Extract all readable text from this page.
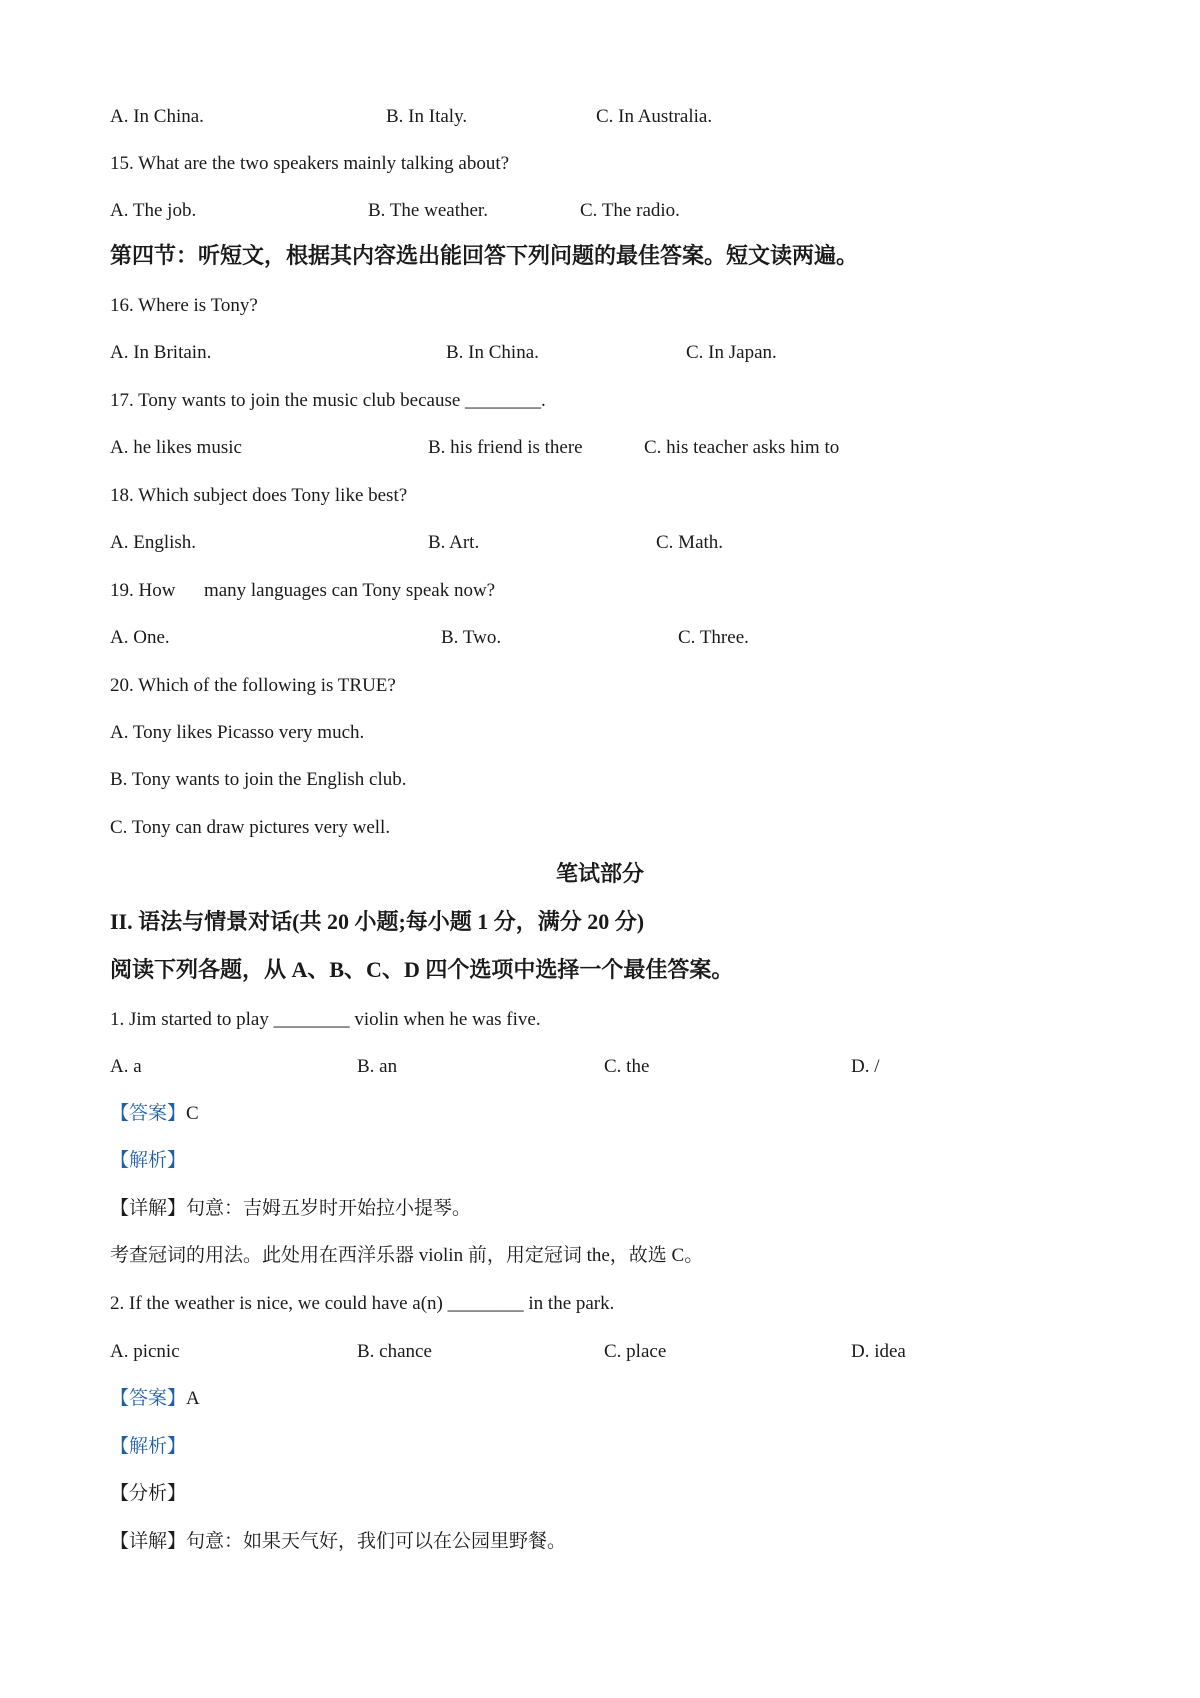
A. In China.	B. In Italy.	C. In Australia.
15. What are the two speakers mainly talking about?
A. The job.	B. The weather.	C. The radio.
第四节：听短文，根据其内容选出能回答下列问题的最佳答案。短文读两遍。
16. Where is Tony?
A. In Britain.	B. In China.	C. In Japan.
17. Tony wants to join the music club because ________.
A. he likes music	B. his friend is there	C. his teacher asks him to
18. Which subject does Tony like best?
A. English.	B. Art.	C. Math.
19. How      many languages can Tony speak now?
A. One.	B. Two.	C. Three.
20. Which of the following is TRUE?
A. Tony likes Picasso very much.
B. Tony wants to join the English club.
C. Tony can draw pictures very well.
笔试部分
II. 语法与情景对话(共 20 小题;每小题 1 分，满分 20 分)
阅读下列各题，从 A、B、C、D 四个选项中选择一个最佳答案。
1. Jim started to play ________ violin when he was five.
A. a	B. an	C. the	D. /
【答案】C
【解析】
【详解】句意：吉姆五岁时开始拉小提琴。
考查冠词的用法。此处用在西洋乐器 violin 前，用定冠词 the，故选 C。
2. If the weather is nice, we could have a(n) ________ in the park.
A. picnic	B. chance	C. place	D. idea
【答案】A
【解析】
【分析】
【详解】句意：如果天气好，我们可以在公园里野餐。
